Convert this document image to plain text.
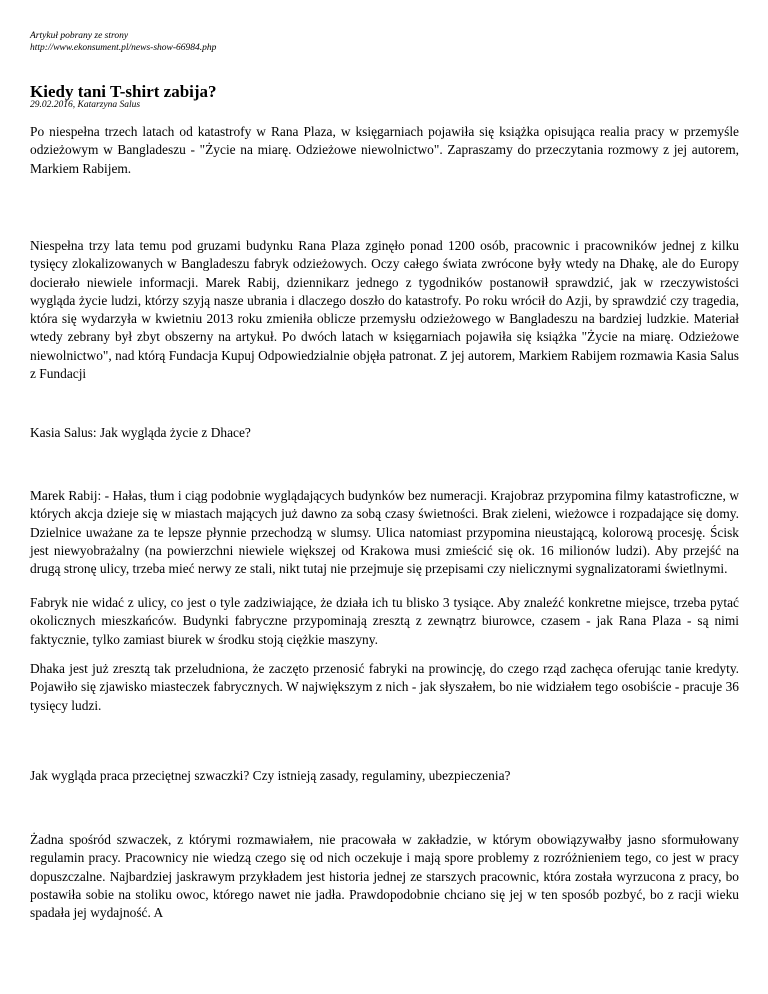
Artykuł pobrany ze strony
http://www.ekonsument.pl/news-show-66984.php
Kiedy tani T-shirt zabija?
29.02.2016, Katarzyna Salus

Po niespełna trzech latach od katastrofy w Rana Plaza, w księgarniach pojawiła się książka opisująca realia pracy w przemyśle odzieżowym w Bangladeszu - "Życie na miarę. Odzieżowe niewolnictwo". Zapraszamy do przeczytania rozmowy z jej autorem, Markiem Rabijem.

Niespełna trzy lata temu pod gruzami budynku Rana Plaza zginęło ponad 1200 osób, pracownic i pracowników jednej z kilku tysięcy zlokalizowanych w Bangladeszu fabryk odzieżowych. Oczy całego świata zwrócone były wtedy na Dhakę, ale do Europy docierało niewiele informacji. Marek Rabij, dziennikarz jednego z tygodników postanowił sprawdzić, jak w rzeczywistości wygląda życie ludzi, którzy szyją nasze ubrania i dlaczego doszło do katastrofy. Po roku wrócił do Azji, by sprawdzić czy tragedia, która się wydarzyła w kwietniu 2013 roku zmieniła oblicze przemysłu odzieżowego w Bangladeszu na bardziej ludzkie. Materiał wtedy zebrany był zbyt obszerny na artykuł. Po dwóch latach w księgarniach pojawiła się książka "Życie na miarę. Odzieżowe niewolnictwo", nad którą Fundacja Kupuj Odpowiedzialnie objęła patronat. Z jej autorem, Markiem Rabijem rozmawia Kasia Salus z Fundacji

Kasia Salus: Jak wygląda życie z Dhace?

Marek Rabij: - Hałas, tłum i ciąg podobnie wyglądających budynków bez numeracji. Krajobraz przypomina filmy katastroficzne, w których akcja dzieje się w miastach mających już dawno za sobą czasy świetności. Brak zieleni, wieżowce i rozpadające się domy. Dzielnice uważane za te lepsze płynnie przechodzą w slumsy. Ulica natomiast przypomina nieustającą, kolorową procesję. Ścisk jest niewyobrażalny (na powierzchni niewiele większej od Krakowa musi zmieścić się ok. 16 milionów ludzi). Aby przejść na drugą stronę ulicy, trzeba mieć nerwy ze stali, nikt tutaj nie przejmuje się przepisami czy nielicznymi sygnalizatorami świetlnymi.

Fabryk nie widać z ulicy, co jest o tyle zadziwiające, że działa ich tu blisko 3 tysiące. Aby znaleźć konkretne miejsce, trzeba pytać okolicznych mieszkańców. Budynki fabryczne przypominają zresztą z zewnątrz biurowce, czasem - jak Rana Plaza - są nimi faktycznie, tylko zamiast biurek w środku stoją ciężkie maszyny.

Dhaka jest już zresztą tak przeludniona, że zaczęto przenosić fabryki na prowincję, do czego rząd zachęca oferując tanie kredyty. Pojawiło się zjawisko miasteczek fabrycznych. W największym z nich - jak słyszałem, bo nie widziałem tego osobiście - pracuje 36 tysięcy ludzi.

Jak wygląda praca przeciętnej szwaczki? Czy istnieją zasady, regulaminy, ubezpieczenia?

Żadna spośród szwaczek, z którymi rozmawiałem, nie pracowała w zakładzie, w którym obowiązywałby jasno sformułowany regulamin pracy. Pracownicy nie wiedzą czego się od nich oczekuje i mają spore problemy z rozróżnieniem tego, co jest w pracy dopuszczalne. Najbardziej jaskrawym przykładem jest historia jednej ze starszych pracownic, która została wyrzucona z pracy, bo postawiła sobie na stoliku owoc, którego nawet nie jadła. Prawdopodobnie chciano się jej w ten sposób pozbyć, bo z racji wieku spadała jej wydajność. A
